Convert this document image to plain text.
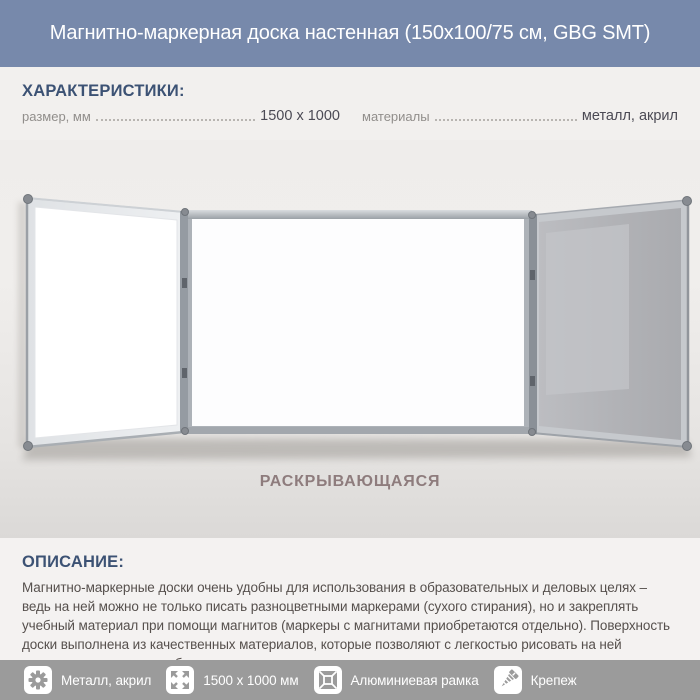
Магнитно-маркерная доска настенная (150x100/75 см, GBG SMT)
ХАРАКТЕРИСТИКИ:
размер, мм	1500 x 1000 материалы	металл, акрил
РАСКРЫВАЮЩАЯСЯ
ОПИСАНИЕ:

Магнитно-маркерные доски очень удобны для использования в образовательных и деловых целях – ведь на ней можно не только писать разноцветными маркерами (сухого стирания), но и закреплять учебный материал при помощи магнитов (маркеры с магнитами приобретаются отдельно). Поверхность доски выполнена из качественных материалов, которые позволяют с легкостью рисовать на ней

Металл, акрил	1500 x 1000 мм	Алюминиевая рамка	Крепеж
